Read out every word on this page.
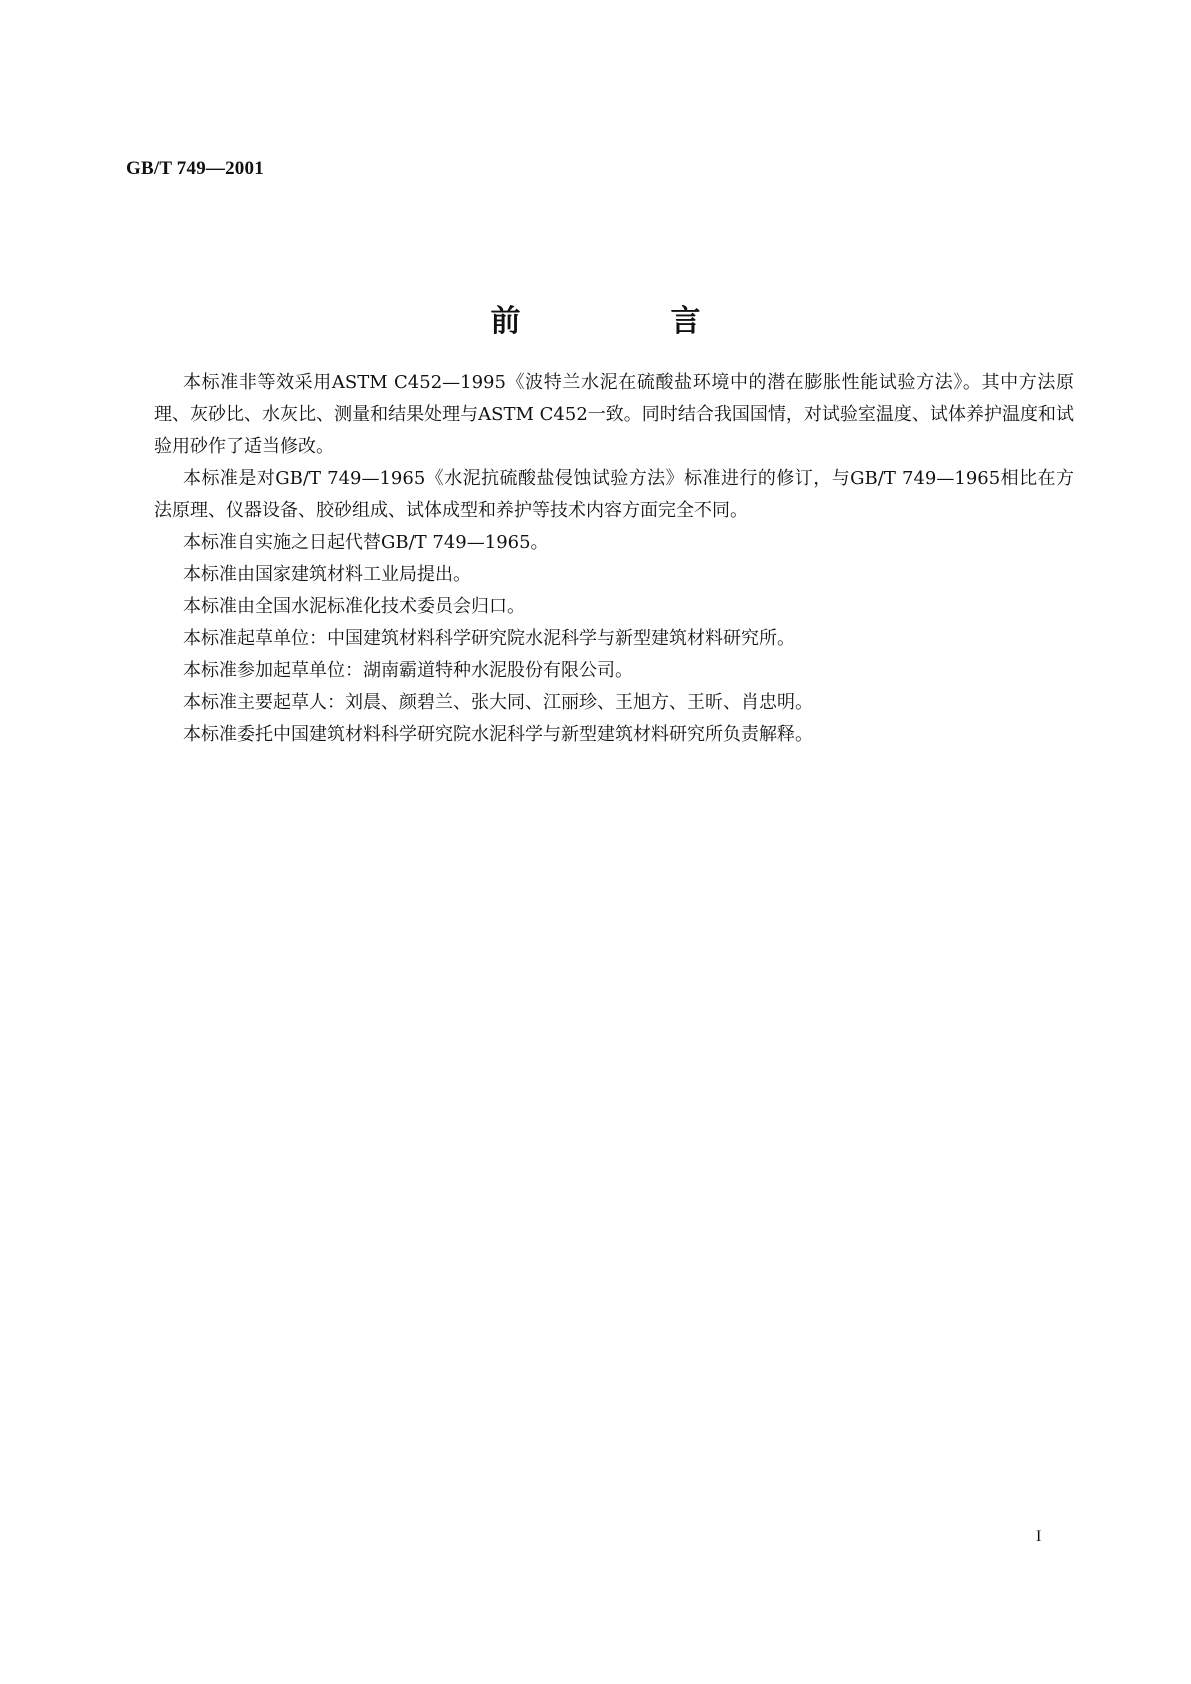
GB/T 749—2001
前　言

本标准非等效采用ASTM C452—1995《波特兰水泥在硫酸盐环境中的潜在膨胀性能试验方法》。其中方法原理、灰砂比、水灰比、测量和结果处理与ASTM C452一致。同时结合我国国情，对试验室温度、试体养护温度和试验用砂作了适当修改。

本标准是对GB/T 749—1965《水泥抗硫酸盐侵蚀试验方法》标准进行的修订，与GB/T 749—1965相比在方法原理、仪器设备、胶砂组成、试体成型和养护等技术内容方面完全不同。

本标准自实施之日起代替GB/T 749—1965。

本标准由国家建筑材料工业局提出。

本标准由全国水泥标准化技术委员会归口。

本标准起草单位：中国建筑材料科学研究院水泥科学与新型建筑材料研究所。

本标准参加起草单位：湖南霸道特种水泥股份有限公司。

本标准主要起草人：刘晨、颜碧兰、张大同、江丽珍、王旭方、王昕、肖忠明。

本标准委托中国建筑材料科学研究院水泥科学与新型建筑材料研究所负责解释。

I
